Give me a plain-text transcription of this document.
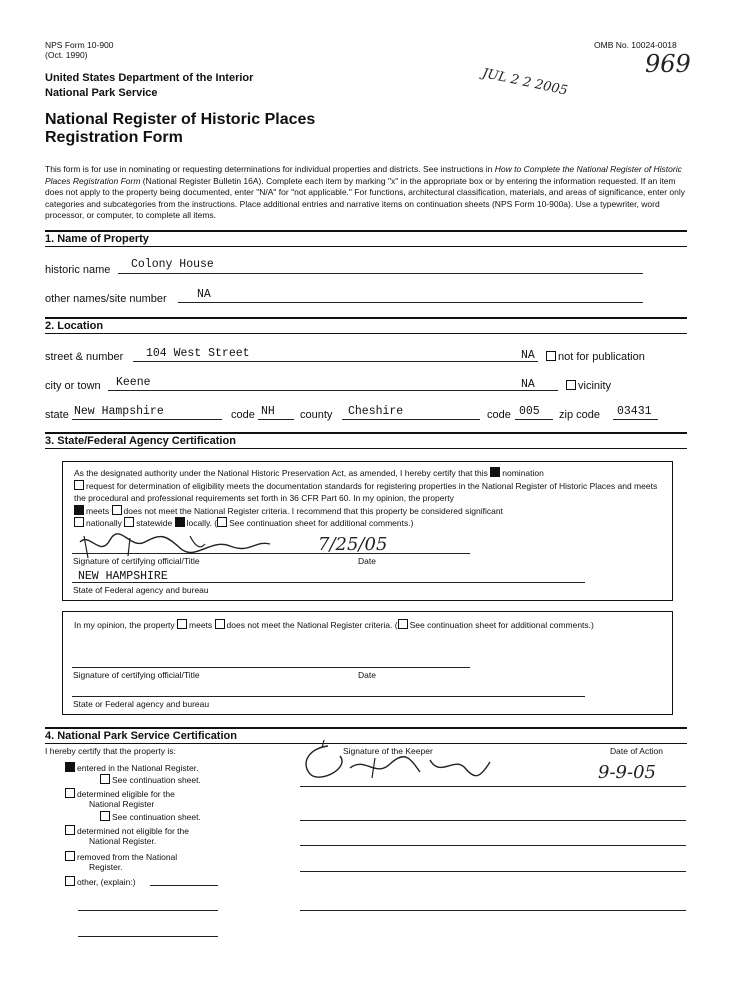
NPS Form 10-900
(Oct. 1990)
OMB No. 10024-0018
969
JUL 2 2 2005
United States Department of the Interior
National Park Service
National Register of Historic Places
Registration Form
This form is for use in nominating or requesting determinations for individual properties and districts. See instructions in How to Complete the National Register of Historic Places Registration Form (National Register Bulletin 16A). Complete each item by marking "x" in the appropriate box or by entering the information requested. If an item does not apply to the property being documented, enter "N/A" for "not applicable." For functions, architectural classification, materials, and areas of significance, enter only categories and subcategories from the instructions. Place additional entries and narrative items on continuation sheets (NPS Form 10-900a). Use a typewriter, word processor, or computer, to complete all items.
1. Name of Property
historic name Colony House
other names/site number	NA
2. Location
street & number 104 West Street	NA	not for publication
city or town Keene	NA	vicinity
state New Hampshire	code NH county Cheshire	code 005 zip code 03431
3. State/Federal Agency Certification
As the designated authority under the National Historic Preservation Act, as amended, I hereby certify that this nomination
request for determination of eligibility meets the documentation standards for registering properties in the National Register of Historic Places and meets the procedural and professional requirements set forth in 36 CFR Part 60. In my opinion, the property
meets does not meet the National Register criteria. I recommend that this property be considered significant
nationally statewide locally. ( See continuation sheet for additional comments.)
7/25/05
Signature of certifying official/Title	Date
NEW HAMPSHIRE
State of Federal agency and bureau
In my opinion, the property meets does not meet the National Register criteria. ( See continuation sheet for additional comments.)
Signature of certifying official/Title	Date
State or Federal agency and bureau
4. National Park Service Certification
I hereby certify that the property is:	Signature of the Keeper	Date of Action
9-9-05
entered in the National Register.
See continuation sheet.
determined eligible for the
National Register
See continuation sheet.
determined not eligible for the
National Register.
removed from the National
Register.
other, (explain:)
